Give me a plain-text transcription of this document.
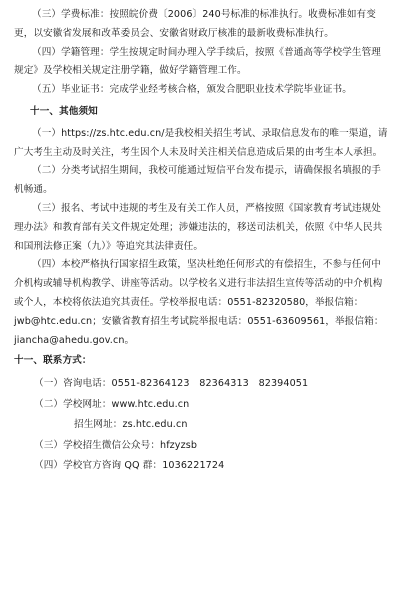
（三）学费标准：按照皖价费〔2006〕240号标准的标准执行。收费标准如有变更，以安徽省发展和改革委员会、安徽省财政厅核准的最新收费标准执行。

（四）学籍管理：学生按规定时间办理入学手续后，按照《普通高等学校学生管理规定》及学校相关规定注册学籍，做好学籍管理工作。

（五）毕业证书：完成学业经考核合格，颁发合肥职业技术学院毕业证书。

十一、其他须知

（一）https://zs.htc.edu.cn/是我校相关招生考试、录取信息发布的唯一渠道，请广大考生主动及时关注，考生因个人未及时关注相关信息造成后果的由考生本人承担。

（二）分类考试招生期间，我校可能通过短信平台发布提示，请确保报名填报的手机畅通。

（三）报名、考试中违规的考生及有关工作人员，严格按照《国家教育考试违规处理办法》和教育部有关文件规定处理；涉嫌违法的，移送司法机关，依照《中华人民共和国刑法修正案（九）》等追究其法律责任。

（四）本校严格执行国家招生政策，坚决杜绝任何形式的有偿招生，不参与任何中介机构或辅导机构教学、讲座等活动。以学校名义进行非法招生宣传等活动的中介机构或个人，本校将依法追究其责任。学校举报电话：0551-82320580，举报信箱：jwb@htc.edu.cn；安徽省教育招生考试院举报电话：0551-63609561，举报信箱：jiancha@ahedu.gov.cn。

十一、联系方式：

（一）咨询电话：0551-82364123　82364313　82394051

（二）学校网址：www.htc.edu.cn

招生网址：zs.htc.edu.cn

（三）学校招生微信公众号：hfzyzsb

（四）学校官方咨询 QQ 群：1036221724
